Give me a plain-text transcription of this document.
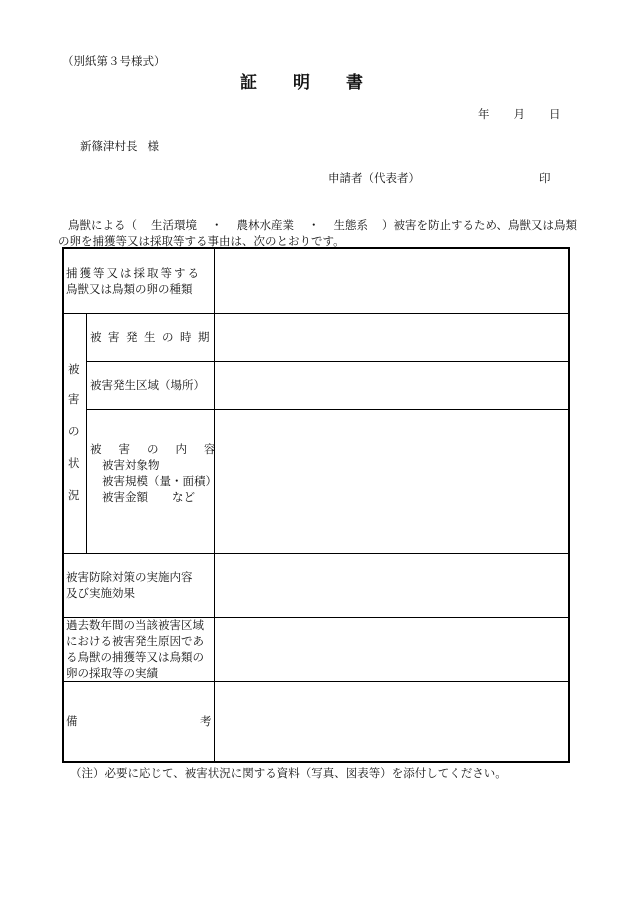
（別紙第３号様式）
証 明 書
年 月 日
新篠津村長 様
申請者（代表者）	印
鳥獣による（ 生活環境 ・ 農林水産業 ・ 生態系 ）被害を防止するため、鳥獣又は鳥類
の卵を捕獲等又は採取等する事由は、次のとおりです。
捕獲等又は採取等する
鳥獣又は鳥類の卵の種類
被
害
の
状
況
被害発生の時期
被害発生区域（場所）
被害の内容
被害対象物
被害規模（量・面積）
被害金額 など
被害防除対策の実施内容
及び実施効果
過去数年間の当該被害区域
における被害発生原因であ
る鳥獣の捕獲等又は鳥類の
卵の採取等の実績
備	考
（注）必要に応じて、被害状況に関する資料（写真、図表等）を添付してください。
